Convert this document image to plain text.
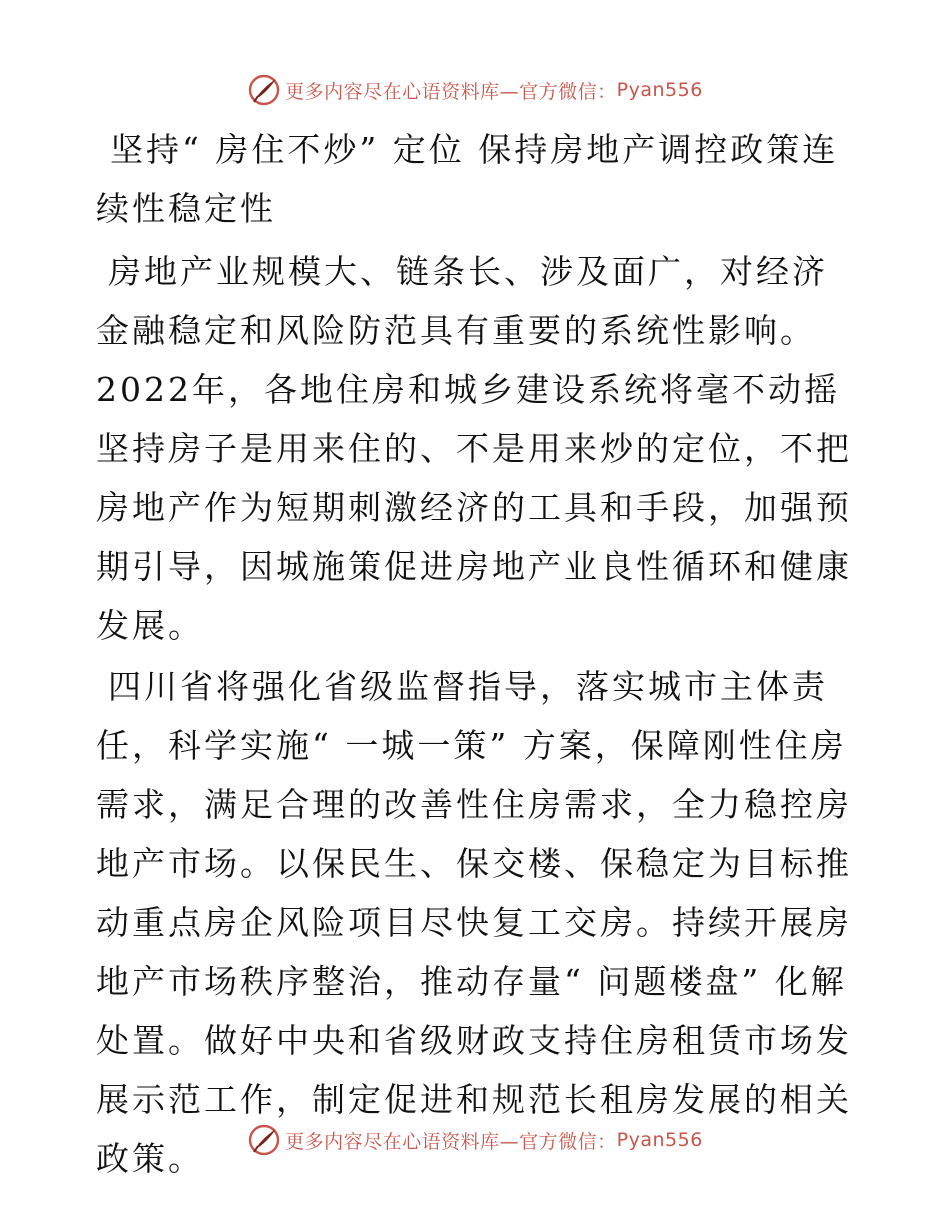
更多内容尽在心语资料库—官方微信： Pyan556

坚持“ 房住不炒” 定位 保持房地产调控政策连续性稳定性

房地产业规模大、链条长、涉及面广，对经济金融稳定和风险防范具有重要的系统性影响。2022年，各地住房和城乡建设系统将毫不动摇坚持房子是用来住的、不是用来炒的定位，不把房地产作为短期刺激经济的工具和手段，加强预期引导，因城施策促进房地产业良性循环和健康发展。

四川省将强化省级监督指导，落实城市主体责任，科学实施“ 一城一策” 方案，保障刚性住房需求，满足合理的改善性住房需求，全力稳控房地产市场。以保民生、保交楼、保稳定为目标推动重点房企风险项目尽快复工交房。持续开展房地产市场秩序整治，推动存量“ 问题楼盘” 化解处置。做好中央和省级财政支持住房租赁市场发展示范工作，制定促进和规范长租房发展的相关政策。	更多内容尽在心语资料库—官方微信： Pyan556
